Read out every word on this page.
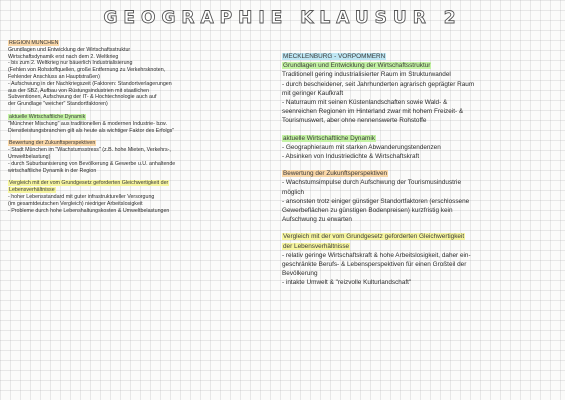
GEOGRAPHIE KLAUSUR 2
REGION MÜNCHEN
Grundlagen und Entwicklung der Wirtschaftsstruktur
Wirtschaftsdynamik erst nach dem 2. Weltkrieg
- bis zum 2. Weltkrieg nur bäuerlich Industrialisierung
(Fehlen von Rohstoffquellen, große Entfernung zu Verkehrsknoten,
Fehlender Anschluss an Hauptstraßen)
- Aufschwung in der Nachkriegszeit (Faktoren: Standortverlagerungen
aus der SBZ, Aufbau von Rüstungsindustrien mit staatlichen
Subventionen, Aufschwung der IT- & Hochtechnologie auch auf
der Grundlage "weicher" Standortfaktoren)
aktuelle Wirtschaftliche Dynamik
"Münchner Mischung" aus traditionellen & modernen Industrie- bzw.
Dienstleistungsbranchen gilt als heute als wichtiger Faktor des Erfolgs"
Bewertung der Zukunftsperspektiven
- Stadt München im "Wachstumsstress" (z.B. hohe Mieten, Verkehrs-,
Umweltbelastung)
- durch Suburbanisierung von Bevölkerung & Gewerbe u.U. anhaltende
wirtschaftliche Dynamik in der Region
Vergleich mit der vom Grundgesetz geforderten Gleichwertigkeit der
Lebensverhältnisse
- hoher Lebensstandard mit guter infrastruktureller Versorgung
(im gesamtdeutschen Vergleich) niedriger Arbeitslosigkeit
- Probleme durch hohe Lebenshaltungskosten & Umweltbelastungen
MECKLENBURG - VORPOMMERN
Grundlagen und Entwicklung der Wirtschaftsstruktur
Traditionell gering industrialisierter Raum im Strukturwandel
- durch bescheidener, seit Jahrhunderten agrarisch geprägter Raum
mit geringer Kaufkraft
- Naturraum mit seinen Küstenlandschaften sowie Wald- &
seenreichen Regionen im Hinterland zwar mit hohem Freizeit- &
Tourismuswert, aber ohne nennenswerte Rohstoffe
aktuelle Wirtschaftliche Dynamik
- Geographieraum mit starken Abwanderungstendenzen
- Absinken von Industriedichte & Wirtschaftskraft
Bewertung der Zukunftsperspektiven
- Wachstumsimpulse durch Aufschwung der Tourismusindustrie
möglich
- ansonsten trotz einiger günstiger Standortfaktoren (erschlossene
Gewerbeflächen zu günstigen Bodenpreisen) kurzfristig kein
Aufschwung zu erwarten
Vergleich mit der vom Grundgesetz geforderten Gleichwertigkeit
der Lebensverhältnisse
- relativ geringe Wirtschaftskraft & hohe Arbeitslosigkeit, daher ein-
geschränkte Berufs- & Lebensperspektiven für einen Großteil der
Bevölkerung
- intakte Umwelt & "reizvolle Kulturlandschaft"
